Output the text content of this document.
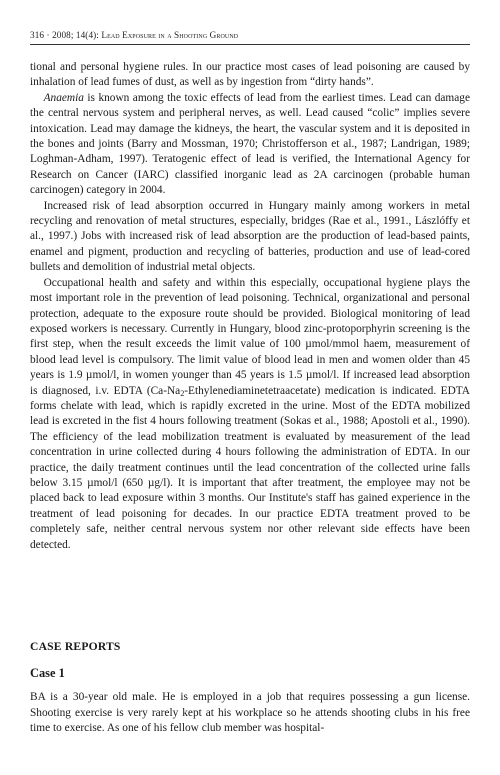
316 · 2008; 14(4): Lead Exposure in a Shooting Ground

tional and personal hygiene rules. In our practice most cases of lead poisoning are caused by inhalation of lead fumes of dust, as well as by ingestion from “dirty hands”.

Anaemia is known among the toxic effects of lead from the earliest times. Lead can damage the central nervous system and peripheral nerves, as well. Lead caused “colic” implies severe intoxication. Lead may damage the kidneys, the heart, the vascular system and it is deposited in the bones and joints (Barry and Mossman, 1970; Christofferson et al., 1987; Landrigan, 1989; Loghman-Adham, 1997). Teratogenic effect of lead is verified, the International Agency for Research on Cancer (IARC) classified inorganic lead as 2A carcinogen (probable human carcinogen) category in 2004.

Increased risk of lead absorption occurred in Hungary mainly among workers in metal recycling and renovation of metal structures, especially, bridges (Rae et al., 1991., Lászlóffy et al., 1997.) Jobs with increased risk of lead absorption are the production of lead-based paints, enamel and pigment, production and recycling of batteries, production and use of lead-cored bullets and demolition of industrial metal objects.

Occupational health and safety and within this especially, occupational hygiene plays the most important role in the prevention of lead poisoning. Technical, organizational and personal protection, adequate to the exposure route should be provided. Biological monitoring of lead exposed workers is necessary. Currently in Hungary, blood zinc-protoporphyrin screening is the first step, when the result exceeds the limit value of 100 µmol/mmol haem, measurement of blood lead level is compulsory. The limit value of blood lead in men and women older than 45 years is 1.9 µmol/l, in women younger than 45 years is 1.5 µmol/l. If increased lead absorption is diagnosed, i.v. EDTA $(Ca-Na_2-Ethylenediaminetetraacetate)$ medication is indicated. EDTA forms chelate with lead, which is rapidly excreted in the urine. Most of the EDTA mobilized lead is excreted in the fist 4 hours following treatment (Sokas et al., 1988; Apostoli et al., 1990). The efficiency of the lead mobilization treatment is evaluated by measurement of the lead concentration in urine collected during 4 hours following the administration of EDTA. In our practice, the daily treatment continues until the lead concentration of the collected urine falls below 3.15 µmol/l (650 µg/l). It is important that after treatment, the employee may not be placed back to lead exposure within 3 months. Our Institute's staff has gained experience in the treatment of lead poisoning for decades. In our practice EDTA treatment proved to be completely safe, neither central nervous system nor other relevant side effects have been detected.

CASE REPORTS
Case 1

BA is a 30-year old male. He is employed in a job that requires possessing a gun license. Shooting exercise is very rarely kept at his workplace so he attends shooting clubs in his free time to exercise. As one of his fellow club member was hospital-
